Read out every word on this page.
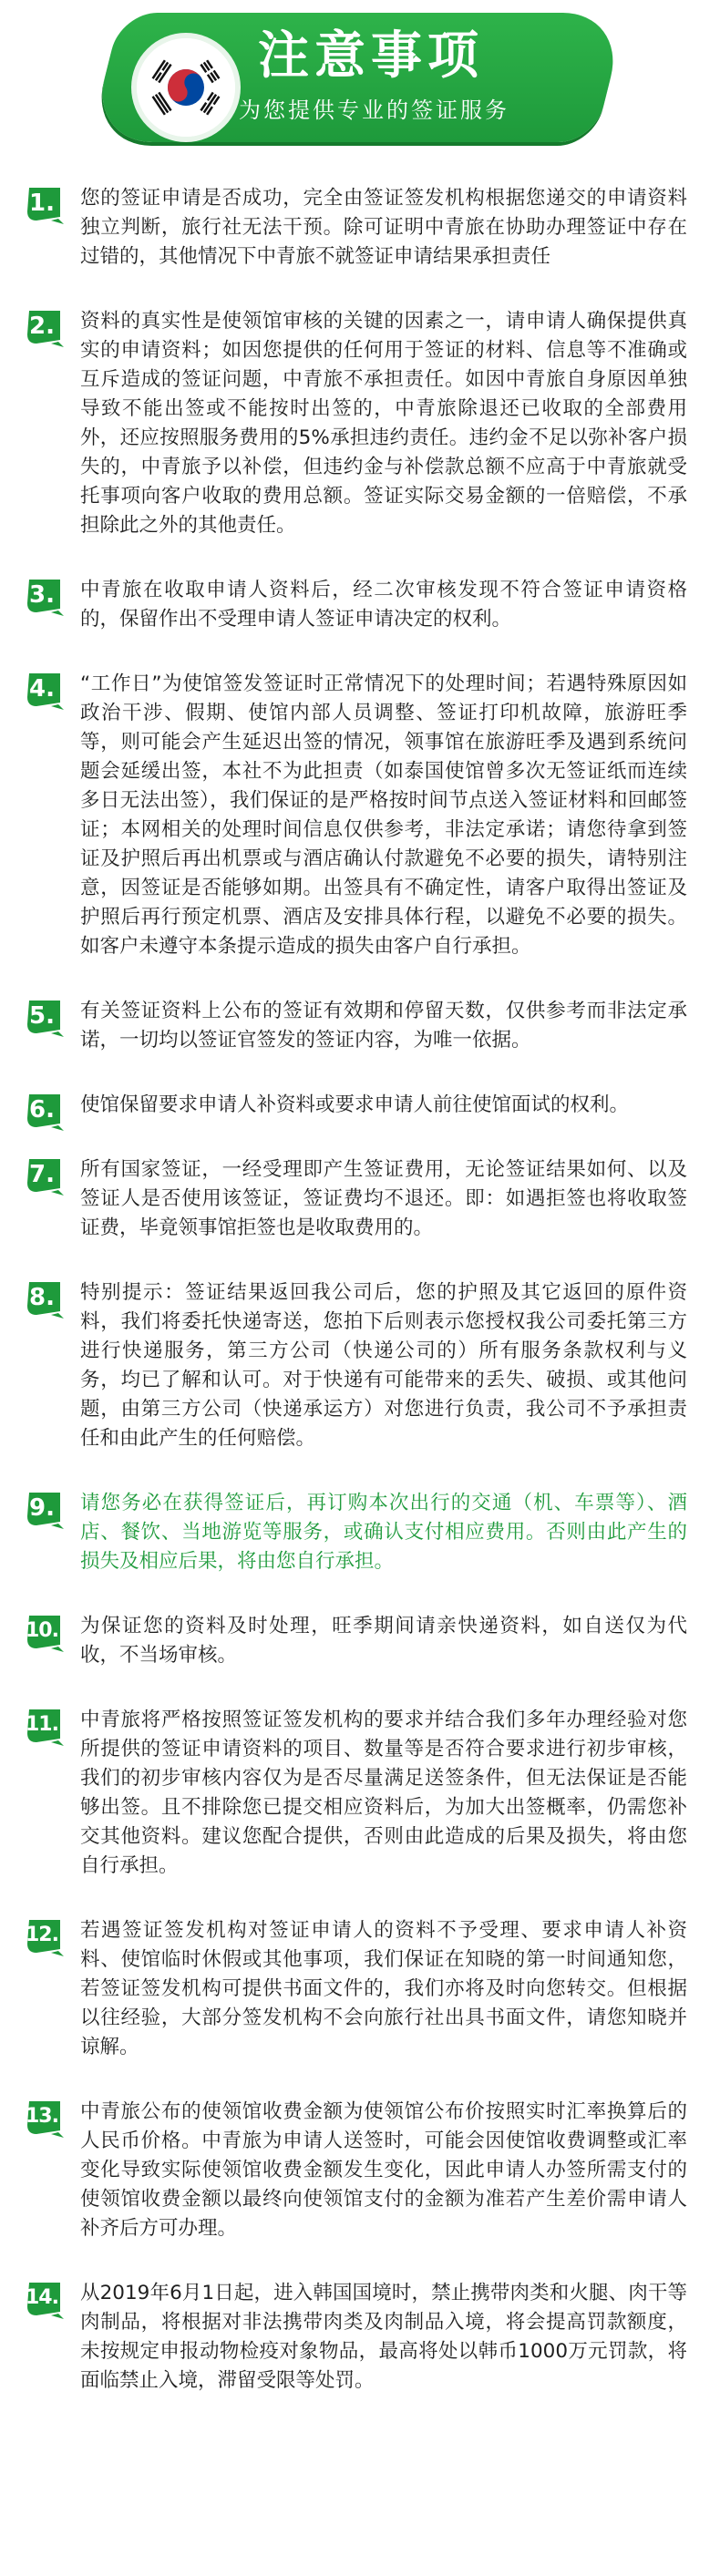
注意事项
为您提供专业的签证服务
1. 您的签证申请是否成功，完全由签证签发机构根据您递交的申请资料独立判断，旅行社无法干预。除可证明中青旅在协助办理签证中存在过错的，其他情况下中青旅不就签证申请结果承担责任
2. 资料的真实性是使领馆审核的关键的因素之一，请申请人确保提供真实的申请资料；如因您提供的任何用于签证的材料、信息等不准确或互斥造成的签证问题，中青旅不承担责任。如因中青旅自身原因单独导致不能出签或不能按时出签的，中青旅除退还已收取的全部费用外，还应按照服务费用的5%承担违约责任。违约金不足以弥补客户损失的，中青旅予以补偿，但违约金与补偿款总额不应高于中青旅就受托事项向客户收取的费用总额。签证实际交易金额的一倍赔偿，不承担除此之外的其他责任。
3. 中青旅在收取申请人资料后，经二次审核发现不符合签证申请资格的，保留作出不受理申请人签证申请决定的权利。
4. “工作日”为使馆签发签证时正常情况下的处理时间；若遇特殊原因如政治干涉、假期、使馆内部人员调整、签证打印机故障，旅游旺季等，则可能会产生延迟出签的情况，领事馆在旅游旺季及遇到系统问题会延缓出签，本社不为此担责（如泰国使馆曾多次无签证纸而连续多日无法出签），我们保证的是严格按时间节点送入签证材料和回邮签证；本网相关的处理时间信息仅供参考，非法定承诺；请您待拿到签证及护照后再出机票或与酒店确认付款避免不必要的损失，请特别注意，因签证是否能够如期。出签具有不确定性，请客户取得出签证及护照后再行预定机票、酒店及安排具体行程，以避免不必要的损失。如客户未遵守本条提示造成的损失由客户自行承担。
5. 有关签证资料上公布的签证有效期和停留天数，仅供参考而非法定承诺，一切均以签证官签发的签证内容，为唯一依据。
6. 使馆保留要求申请人补资料或要求申请人前往使馆面试的权利。
7. 所有国家签证，一经受理即产生签证费用，无论签证结果如何、以及签证人是否使用该签证，签证费均不退还。即：如遇拒签也将收取签证费，毕竟领事馆拒签也是收取费用的。
8. 特别提示：签证结果返回我公司后，您的护照及其它返回的原件资料，我们将委托快递寄送，您拍下后则表示您授权我公司委托第三方进行快递服务，第三方公司（快递公司的）所有服务条款权利与义务，均已了解和认可。对于快递有可能带来的丢失、破损、或其他问题，由第三方公司（快递承运方）对您进行负责，我公司不予承担责任和由此产生的任何赔偿。
9. 请您务必在获得签证后，再订购本次出行的交通（机、车票等）、酒店、餐饮、当地游览等服务，或确认支付相应费用。否则由此产生的损失及相应后果，将由您自行承担。
10. 为保证您的资料及时处理，旺季期间请亲快递资料，如自送仅为代收，不当场审核。
11. 中青旅将严格按照签证签发机构的要求并结合我们多年办理经验对您所提供的签证申请资料的项目、数量等是否符合要求进行初步审核，我们的初步审核内容仅为是否尽量满足送签条件，但无法保证是否能够出签。且不排除您已提交相应资料后，为加大出签概率，仍需您补交其他资料。建议您配合提供，否则由此造成的后果及损失，将由您自行承担。
12. 若遇签证签发机构对签证申请人的资料不予受理、要求申请人补资料、使馆临时休假或其他事项，我们保证在知晓的第一时间通知您，若签证签发机构可提供书面文件的，我们亦将及时向您转交。但根据以往经验，大部分签发机构不会向旅行社出具书面文件，请您知晓并谅解。
13. 中青旅公布的使领馆收费金额为使领馆公布价按照实时汇率换算后的人民币价格。中青旅为申请人送签时，可能会因使馆收费调整或汇率变化导致实际使领馆收费金额发生变化，因此申请人办签所需支付的使领馆收费金额以最终向使领馆支付的金额为准若产生差价需申请人补齐后方可办理。
14. 从2019年6月1日起，进入韩国国境时，禁止携带肉类和火腿、肉干等肉制品，将根据对非法携带肉类及肉制品入境，将会提高罚款额度，未按规定申报动物检疫对象物品，最高将处以韩币1000万元罚款，将面临禁止入境，滞留受限等处罚。
